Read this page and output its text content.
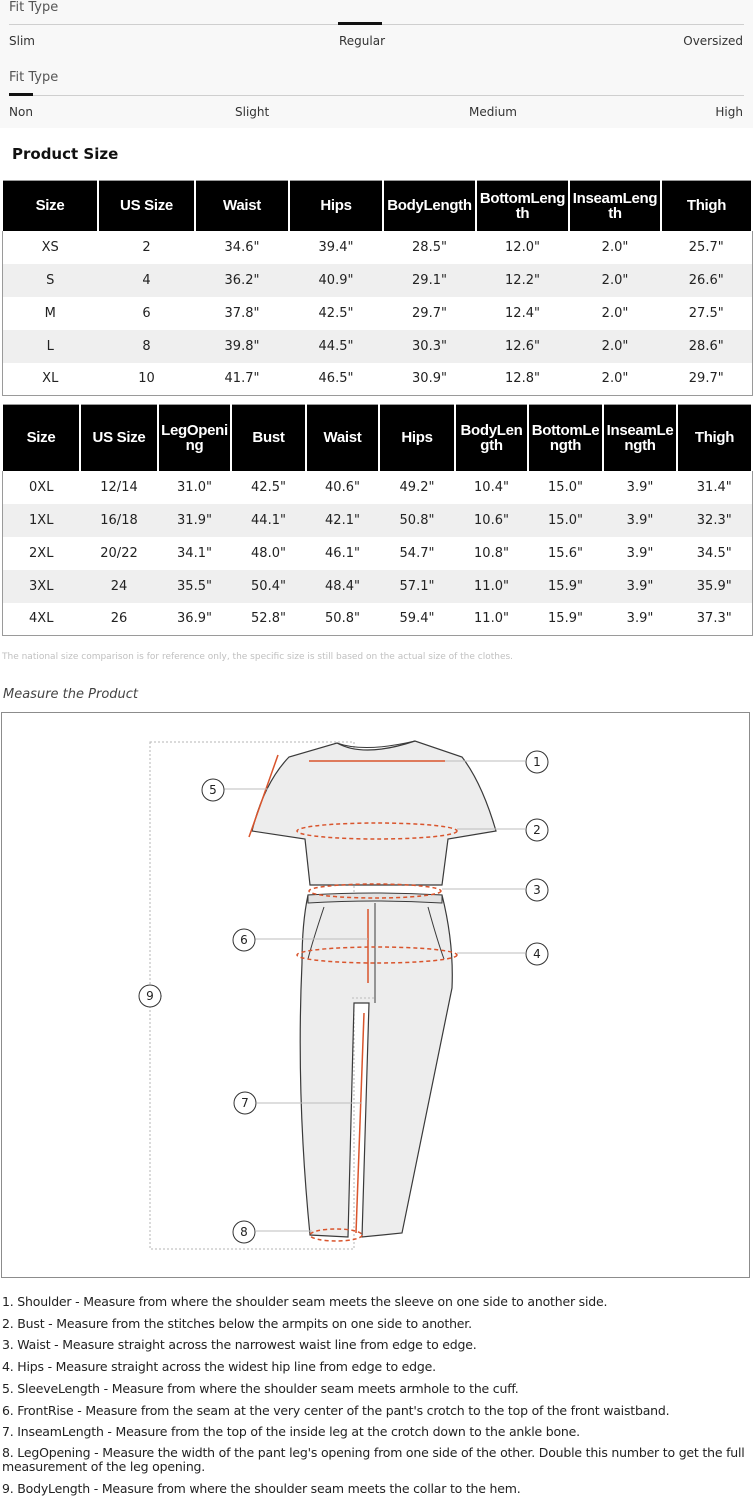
Fit Type
Slim	Regular	Oversized
Fit Type
Non	Slight	Medium	High
Product Size
Size	US Size	Waist	Hips	BodyLength	BottomLength	InseamLength	Thigh
XS	2	34.6"	39.4"	28.5"	12.0"	2.0"	25.7"
S	4	36.2"	40.9"	29.1"	12.2"	2.0"	26.6"
M	6	37.8"	42.5"	29.7"	12.4"	2.0"	27.5"
L	8	39.8"	44.5"	30.3"	12.6"	2.0"	28.6"
XL	10	41.7"	46.5"	30.9"	12.8"	2.0"	29.7"
Size	US Size	LegOpening	Bust	Waist	Hips	BodyLength	BottomLength	InseamLength	Thigh
0XL	12/14	31.0"	42.5"	40.6"	49.2"	10.4"	15.0"	3.9"	31.4"
1XL	16/18	31.9"	44.1"	42.1"	50.8"	10.6"	15.0"	3.9"	32.3"
2XL	20/22	34.1"	48.0"	46.1"	54.7"	10.8"	15.6"	3.9"	34.5"
3XL	24	35.5"	50.4"	48.4"	57.1"	11.0"	15.9"	3.9"	35.9"
4XL	26	36.9"	52.8"	50.8"	59.4"	11.0"	15.9"	3.9"	37.3"
The national size comparison is for reference only, the specific size is still based on the actual size of the clothes.
Measure the Product
1
2
3
4
5
6
7
8
9
1. Shoulder - Measure from where the shoulder seam meets the sleeve on one side to another side.
2. Bust - Measure from the stitches below the armpits on one side to another.
3. Waist - Measure straight across the narrowest waist line from edge to edge.
4. Hips - Measure straight across the widest hip line from edge to edge.
5. SleeveLength - Measure from where the shoulder seam meets armhole to the cuff.
6. FrontRise - Measure from the seam at the very center of the pant's crotch to the top of the front waistband.
7. InseamLength - Measure from the top of the inside leg at the crotch down to the ankle bone.
8. LegOpening - Measure the width of the pant leg's opening from one side of the other. Double this number to get the full measurement of the leg opening.
9. BodyLength - Measure from where the shoulder seam meets the collar to the hem.
